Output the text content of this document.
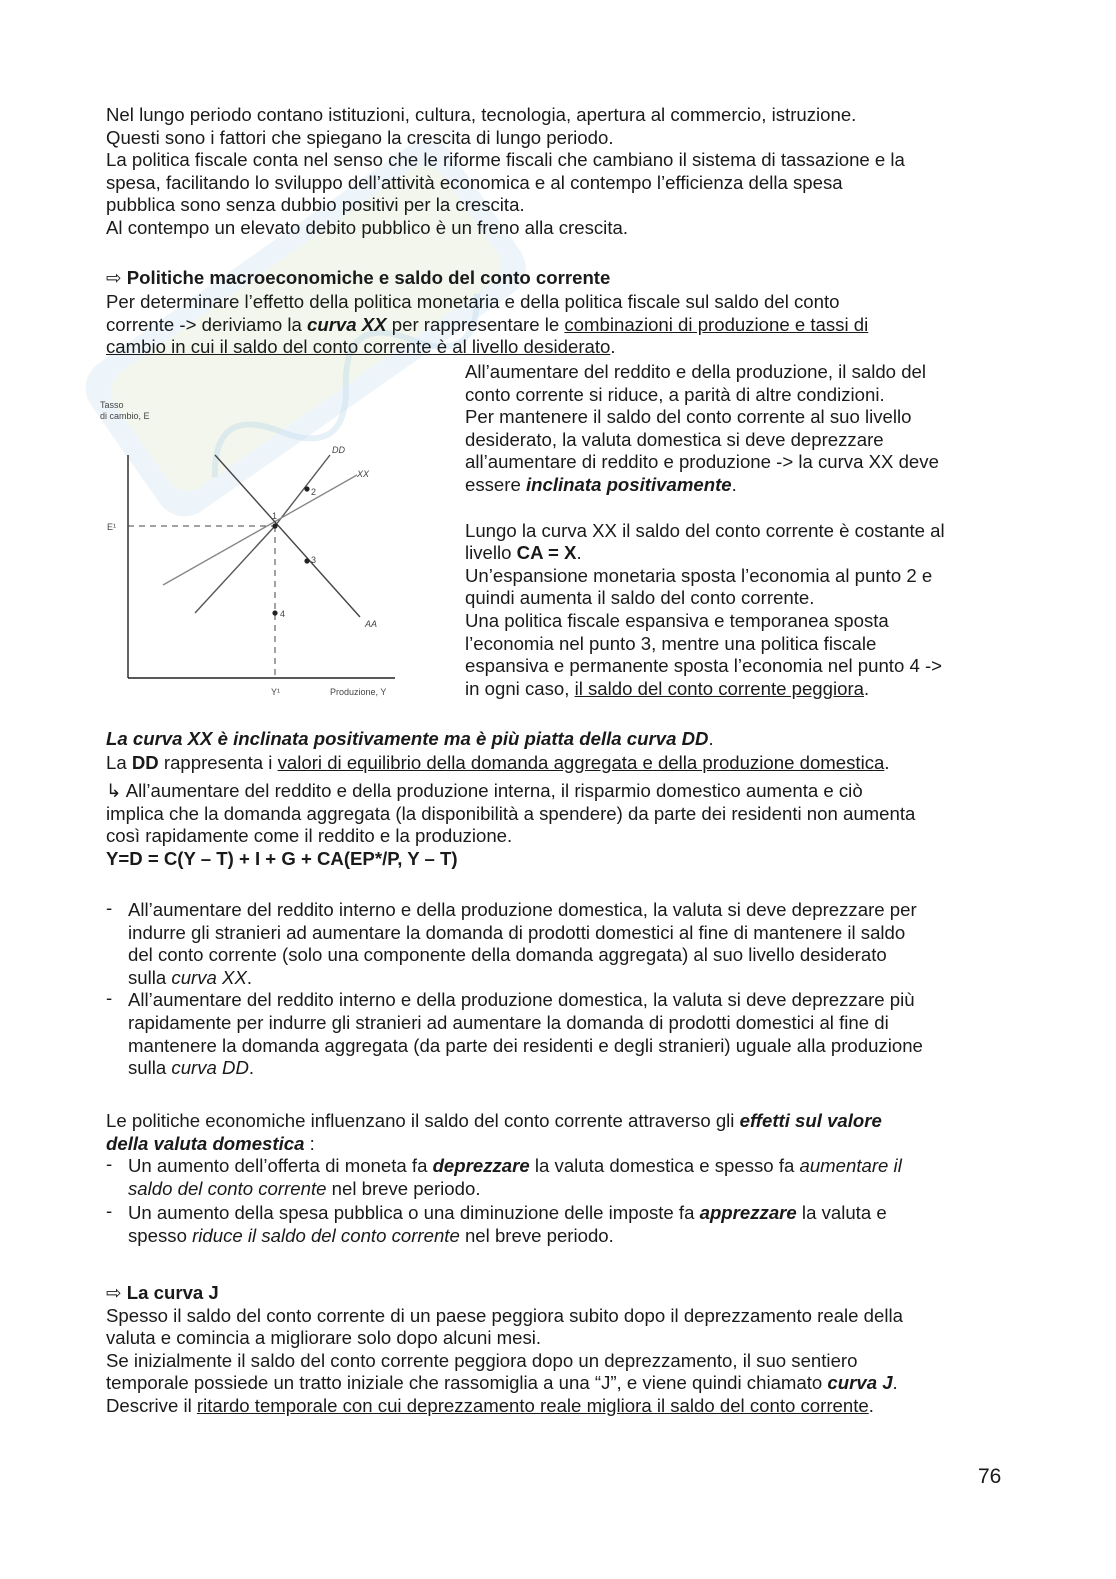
Nel lungo periodo contano istituzioni, cultura, tecnologia, apertura al commercio, istruzione.

Questi sono i fattori che spiegano la crescita di lungo periodo.

La politica fiscale conta nel senso che le riforme fiscali che cambiano il sistema di tassazione e la

spesa, facilitando lo sviluppo dell’attività economica e al contempo l’efficienza della spesa

pubblica sono senza dubbio positivi per la crescita.

Al contempo un elevato debito pubblico è un freno alla crescita.

⇨ Politiche macroeconomiche e saldo del conto corrente

Per determinare l’effetto della politica monetaria e della politica fiscale sul saldo del conto

corrente -> deriviamo la curva XX per rappresentare le combinazioni di produzione e tassi di

cambio in cui il saldo del conto corrente è al livello desiderato.

Tasso
di cambio, E
DD
XX
AA
E¹
Y¹	Produzione, Y
1
2
3
4

All’aumentare del reddito e della produzione, il saldo del

conto corrente si riduce, a parità di altre condizioni.

Per mantenere il saldo del conto corrente al suo livello

desiderato, la valuta domestica si deve deprezzare

all’aumentare di reddito e produzione -> la curva XX deve

essere inclinata positivamente.

Lungo la curva XX il saldo del conto corrente è costante al

livello CA = X.

Un’espansione monetaria sposta l’economia al punto 2 e

quindi aumenta il saldo del conto corrente.

Una politica fiscale espansiva e temporanea sposta

l’economia nel punto 3, mentre una politica fiscale

espansiva e permanente sposta l’economia nel punto 4 ->

in ogni caso, il saldo del conto corrente peggiora.

La curva XX è inclinata positivamente ma è più piatta della curva DD.

La DD rappresenta i valori di equilibrio della domanda aggregata e della produzione domestica.

↳ All’aumentare del reddito e della produzione interna, il risparmio domestico aumenta e ciò

implica che la domanda aggregata (la disponibilità a spendere) da parte dei residenti non aumenta

così rapidamente come il reddito e la produzione.

Y=D = C(Y – T) + I + G + CA(EP*/P, Y – T)

- All’aumentare del reddito interno e della produzione domestica, la valuta si deve deprezzare per

indurre gli stranieri ad aumentare la domanda di prodotti domestici al fine di mantenere il saldo

del conto corrente (solo una componente della domanda aggregata) al suo livello desiderato

sulla curva XX.

- All’aumentare del reddito interno e della produzione domestica, la valuta si deve deprezzare più

rapidamente per indurre gli stranieri ad aumentare la domanda di prodotti domestici al fine di

mantenere la domanda aggregata (da parte dei residenti e degli stranieri) uguale alla produzione

sulla curva DD.

Le politiche economiche influenzano il saldo del conto corrente attraverso gli effetti sul valore

della valuta domestica :

- Un aumento dell’offerta di moneta fa deprezzare la valuta domestica e spesso fa aumentare il

saldo del conto corrente nel breve periodo.

- Un aumento della spesa pubblica o una diminuzione delle imposte fa apprezzare la valuta e

spesso riduce il saldo del conto corrente nel breve periodo.

⇨ La curva J

Spesso il saldo del conto corrente di un paese peggiora subito dopo il deprezzamento reale della

valuta e comincia a migliorare solo dopo alcuni mesi.

Se inizialmente il saldo del conto corrente peggiora dopo un deprezzamento, il suo sentiero

temporale possiede un tratto iniziale che rassomiglia a una “J”, e viene quindi chiamato curva J.

Descrive il ritardo temporale con cui deprezzamento reale migliora il saldo del conto corrente.

76
